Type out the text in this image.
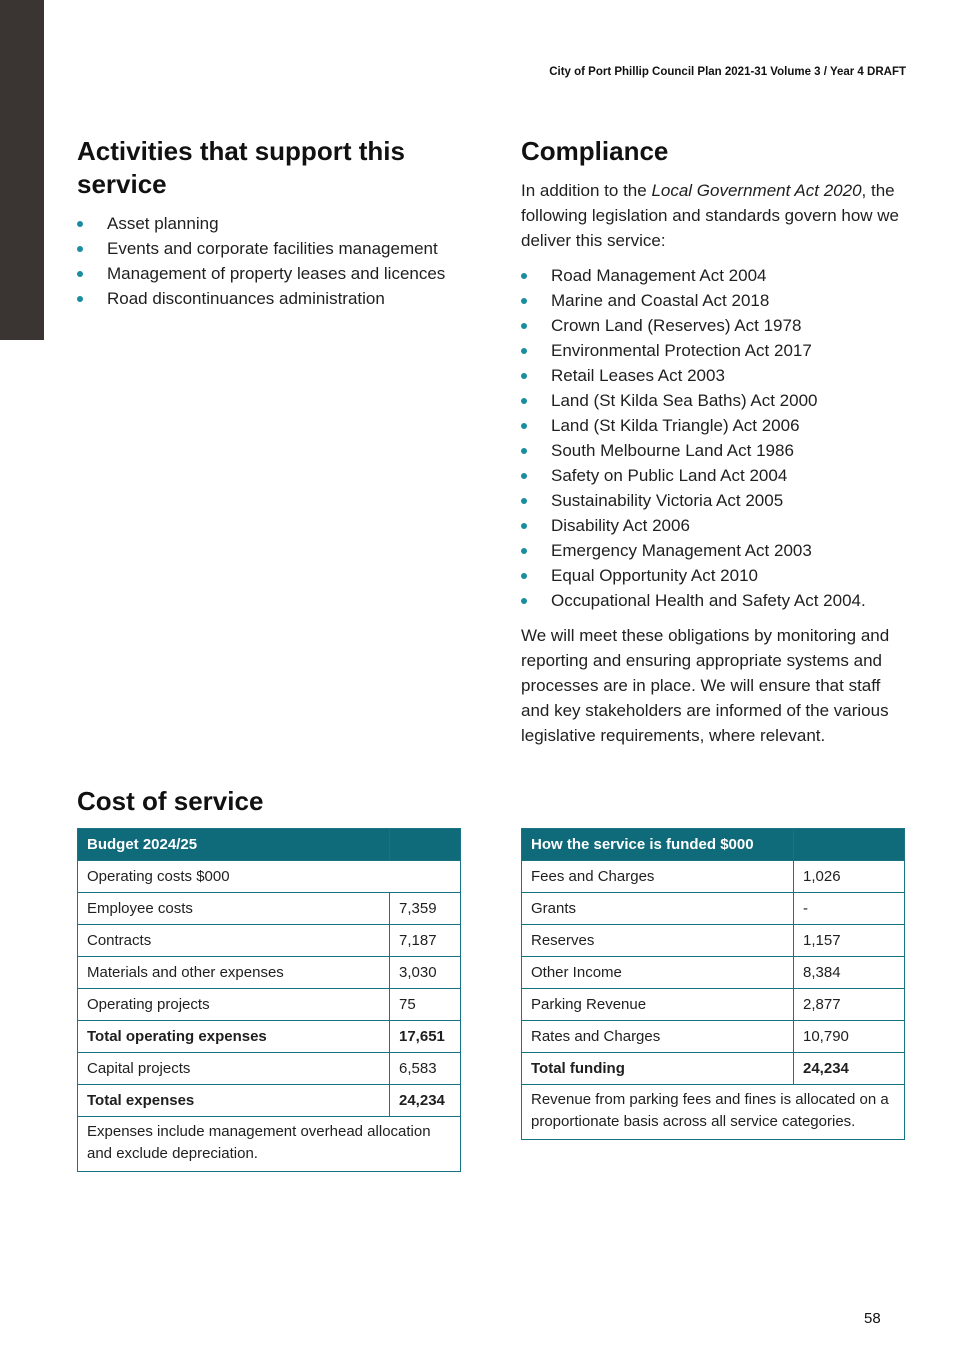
City of Port Phillip Council Plan 2021-31 Volume 3 / Year 4 DRAFT
Activities that support this service
Asset planning
Events and corporate facilities management
Management of property leases and licences
Road discontinuances administration
Compliance

In addition to the Local Government Act 2020, the following legislation and standards govern how we deliver this service:

Road Management Act 2004
Marine and Coastal Act 2018
Crown Land (Reserves) Act 1978
Environmental Protection Act 2017
Retail Leases Act 2003
Land (St Kilda Sea Baths) Act 2000
Land (St Kilda Triangle) Act 2006
South Melbourne Land Act 1986
Safety on Public Land Act 2004
Sustainability Victoria Act 2005
Disability Act 2006
Emergency Management Act 2003
Equal Opportunity Act 2010
Occupational Health and Safety Act 2004.

We will meet these obligations by monitoring and reporting and ensuring appropriate systems and processes are in place. We will ensure that staff and key stakeholders are informed of the various legislative requirements, where relevant.

Cost of service
Budget 2024/25	
Operating costs $000	
Employee costs	7,359
Contracts	7,187
Materials and other expenses	3,030
Operating projects	75
Total operating expenses	17,651
Capital projects	6,583
Total expenses	24,234
Expenses include management overhead allocation and exclude depreciation.	
How the service is funded $000	
Fees and Charges	1,026
Grants	-
Reserves	1,157
Other Income	8,384
Parking Revenue	2,877
Rates and Charges	10,790
Total funding	24,234
Revenue from parking fees and fines is allocated on a proportionate basis across all service categories.	
58
